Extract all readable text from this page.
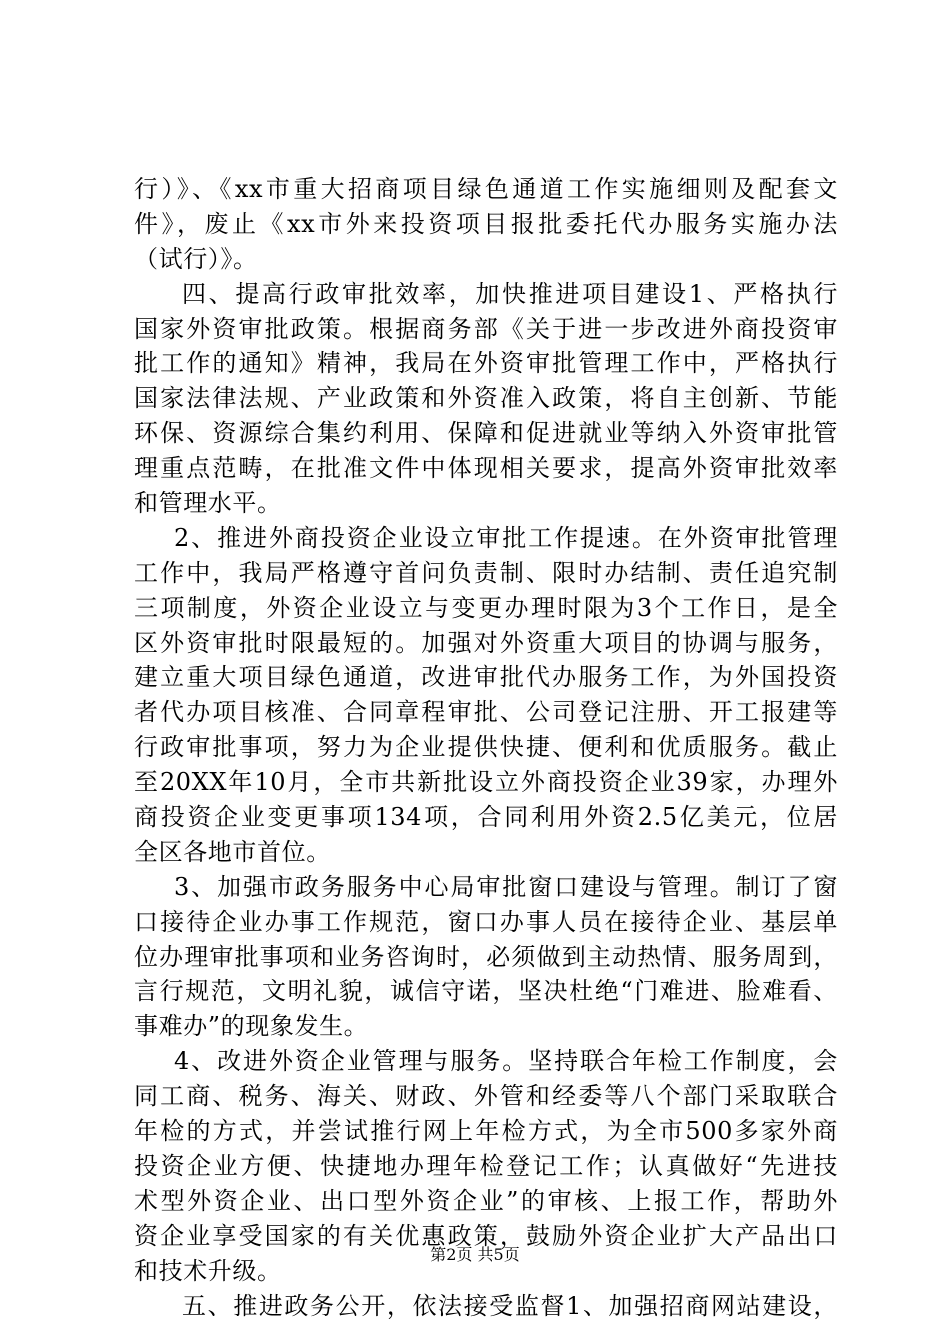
行）》、《xx市重大招商项目绿色通道工作实施细则及配套文
件》，废止《xx市外来投资项目报批委托代办服务实施办法
（试行）》。
四、提高行政审批效率，加快推进项目建设1、严格执行
国家外资审批政策。根据商务部《关于进一步改进外商投资审
批工作的通知》精神，我局在外资审批管理工作中，严格执行
国家法律法规、产业政策和外资准入政策，将自主创新、节能
环保、资源综合集约利用、保障和促进就业等纳入外资审批管
理重点范畴，在批准文件中体现相关要求，提高外资审批效率
和管理水平。
2、推进外商投资企业设立审批工作提速。在外资审批管理
工作中，我局严格遵守首问负责制、限时办结制、责任追究制
三项制度，外资企业设立与变更办理时限为3个工作日，是全
区外资审批时限最短的。加强对外资重大项目的协调与服务，
建立重大项目绿色通道，改进审批代办服务工作，为外国投资
者代办项目核准、合同章程审批、公司登记注册、开工报建等
行政审批事项，努力为企业提供快捷、便利和优质服务。截止
至20XX年10月，全市共新批设立外商投资企业39家，办理外
商投资企业变更事项134项，合同利用外资2.5亿美元，位居
全区各地市首位。
3、加强市政务服务中心局审批窗口建设与管理。制订了窗
口接待企业办事工作规范，窗口办事人员在接待企业、基层单
位办理审批事项和业务咨询时，必须做到主动热情、服务周到，
言行规范，文明礼貌，诚信守诺，坚决杜绝“门难进、脸难看、
事难办”的现象发生。
4、改进外资企业管理与服务。坚持联合年检工作制度，会
同工商、税务、海关、财政、外管和经委等八个部门采取联合
年检的方式，并尝试推行网上年检方式，为全市500多家外商
投资企业方便、快捷地办理年检登记工作；认真做好“先进技
术型外资企业、出口型外资企业”的审核、上报工作，帮助外
资企业享受国家的有关优惠政策，鼓励外资企业扩大产品出口
和技术升级。
五、推进政务公开，依法接受监督1、加强招商网站建设，
第2页 共5页
